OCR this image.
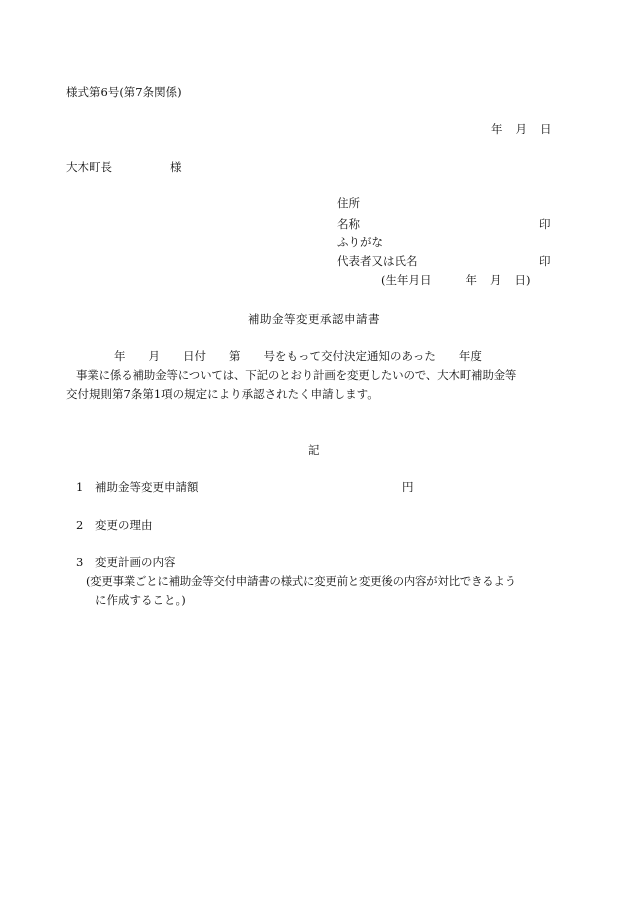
様式第6号(第7条関係)

年 月 日
大木町長	様

住所

名称	印

ふりがな

代表者又は氏名	印

(生年月日	年 月 日)

補助金等変更承認申請書

年 月 日付 第 号をもって交付決定通知のあった 年度

事業に係る補助金等については、下記のとおり計画を変更したいので、大木町補助金等

交付規則第7条第1項の規定により承認されたく申請します。

記

1 補助金等変更申請額	円

2 変更の理由

3 変更計画の内容

(変更事業ごとに補助金等交付申請書の様式に変更前と変更後の内容が対比できるよう

に作成すること。)
